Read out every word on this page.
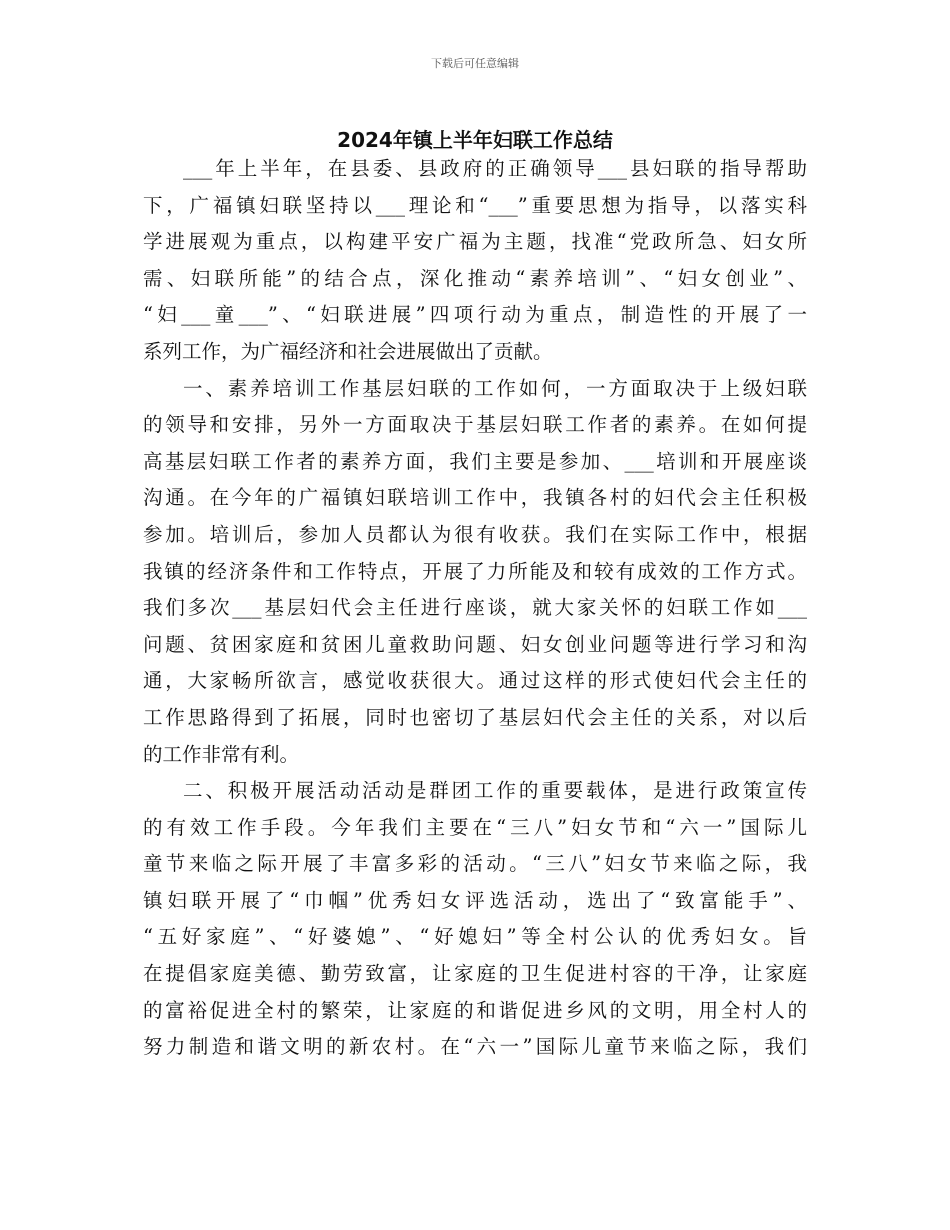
下载后可任意编辑
2024年镇上半年妇联工作总结
___年上半年，在县委、县政府的正确领导___县妇联的指导帮助
下，广福镇妇联坚持以___理论和“___”重要思想为指导，以落实科
学进展观为重点，以构建平安广福为主题，找准“党政所急、妇女所
需、妇联所能”的结合点，深化推动“素养培训”、“妇女创业”、
“妇___童___”、“妇联进展”四项行动为重点，制造性的开展了一
系列工作，为广福经济和社会进展做出了贡献。
一、素养培训工作基层妇联的工作如何，一方面取决于上级妇联
的领导和安排，另外一方面取决于基层妇联工作者的素养。在如何提
高基层妇联工作者的素养方面，我们主要是参加、___培训和开展座谈
沟通。在今年的广福镇妇联培训工作中，我镇各村的妇代会主任积极
参加。培训后，参加人员都认为很有收获。我们在实际工作中，根据
我镇的经济条件和工作特点，开展了力所能及和较有成效的工作方式。
我们多次___基层妇代会主任进行座谈，就大家关怀的妇联工作如___
问题、贫困家庭和贫困儿童救助问题、妇女创业问题等进行学习和沟
通，大家畅所欲言，感觉收获很大。通过这样的形式使妇代会主任的
工作思路得到了拓展，同时也密切了基层妇代会主任的关系，对以后
的工作非常有利。
二、积极开展活动活动是群团工作的重要载体，是进行政策宣传
的有效工作手段。今年我们主要在“三八”妇女节和“六一”国际儿
童节来临之际开展了丰富多彩的活动。“三八”妇女节来临之际，我
镇妇联开展了“巾帼”优秀妇女评选活动，选出了“致富能手”、
“五好家庭”、“好婆媳”、“好媳妇”等全村公认的优秀妇女。旨
在提倡家庭美德、勤劳致富，让家庭的卫生促进村容的干净，让家庭
的富裕促进全村的繁荣，让家庭的和谐促进乡风的文明，用全村人的
努力制造和谐文明的新农村。在“六一”国际儿童节来临之际，我们
